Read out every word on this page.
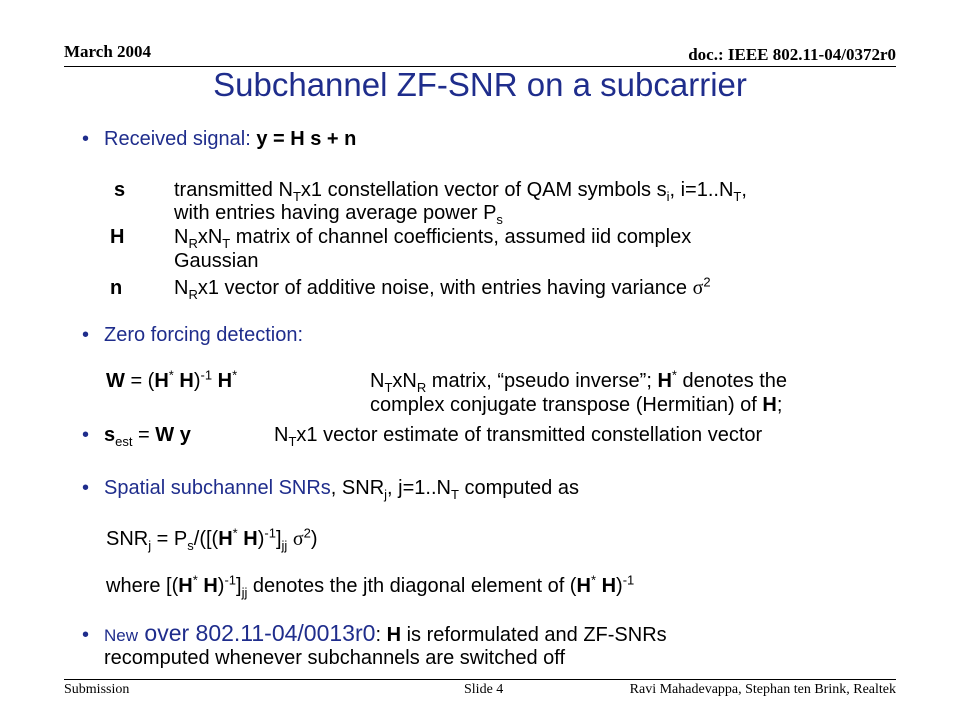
March 2004	doc.: IEEE 802.11-04/0372r0
Subchannel ZF-SNR on a subcarrier
• Received signal: y = H s + n
s transmitted $N_Tx1$ constellation vector of QAM symbols $s_i$, $i=1..N_T$,
with entries having average power $P_s$
H $N_RxN_T$ matrix of channel coefficients, assumed iid complex
Gaussian
n	$N_Rx1$ vector of additive noise, with entries having variance $\sigma^2$
• Zero forcing detection:
W = (H* H)$^{-1}$ H*	$N_TxN_R$ matrix, “pseudo inverse”; H* denotes the
complex conjugate transpose (Hermitian) of H;
• $s_{est} = W$ y	$N_Tx1$ vector estimate of transmitted constellation vector
• Spatial subchannel SNRs, $SNR_j$, $j=1..N_T$ computed as
$SNR_j = P_s/([(H^*$ $H)^{-1}]_{jj}$ $\sigma^2$)
where [(H* $H)^{-1}]_{jj}$ denotes the jth diagonal element of (H* H)$^{-1}$
• New over 802.11-04/0013r0: H is reformulated and ZF-SNRs
recomputed whenever subchannels are switched off
Submission	Slide 4	Ravi Mahadevappa, Stephan ten Brink, Realtek
